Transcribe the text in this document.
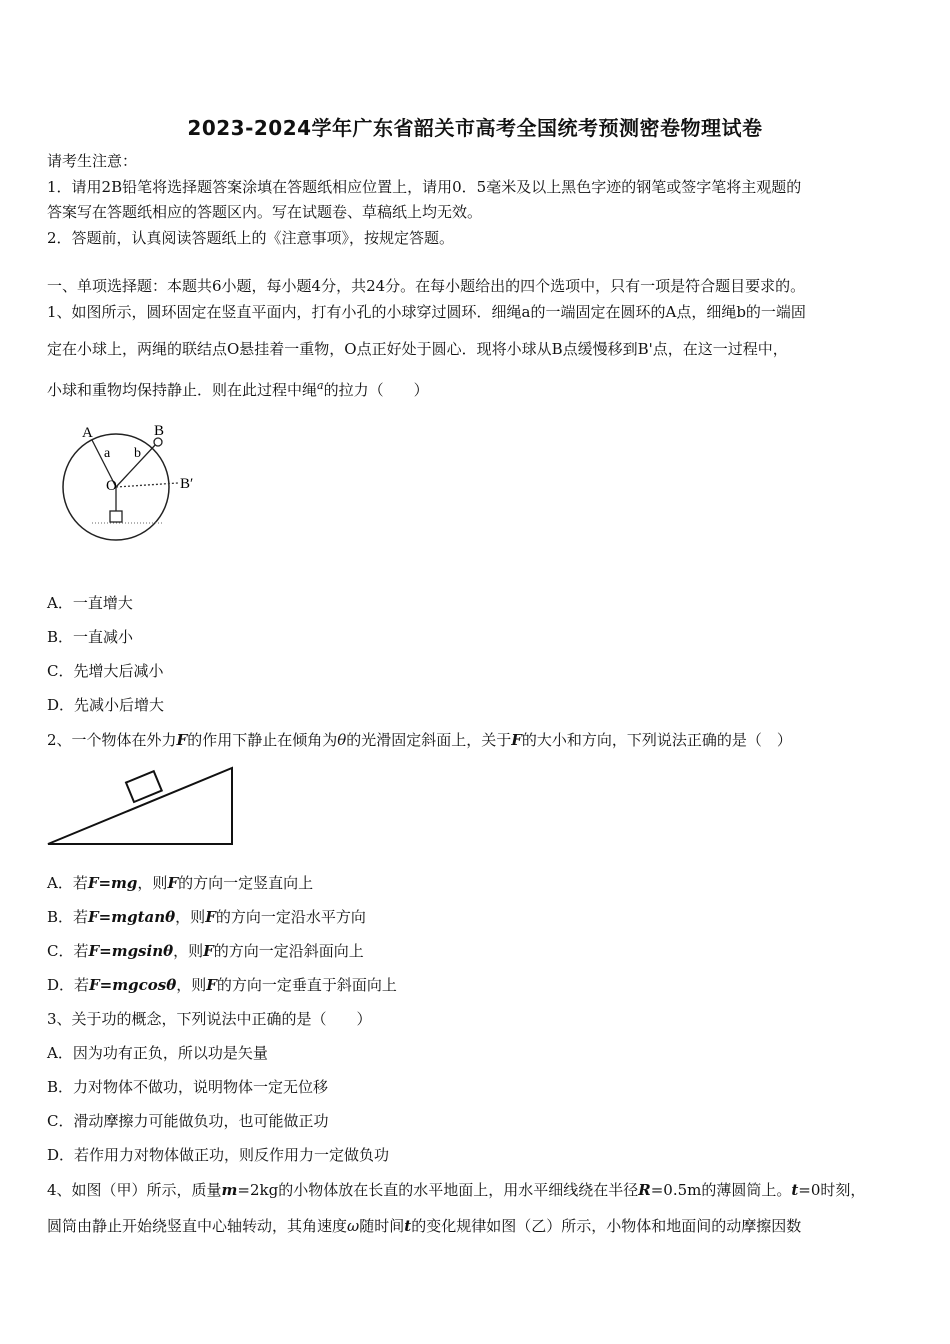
2023-2024学年广东省韶关市高考全国统考预测密卷物理试卷
请考生注意：
1．请用2B铅笔将选择题答案涂填在答题纸相应位置上，请用0．5毫米及以上黑色字迹的钢笔或签字笔将主观题的
答案写在答题纸相应的答题区内。写在试题卷、草稿纸上均无效。
2．答题前，认真阅读答题纸上的《注意事项》，按规定答题。
一、单项选择题：本题共6小题，每小题4分，共24分。在每小题给出的四个选项中，只有一项是符合题目要求的。
1、如图所示，圆环固定在竖直平面内，打有小孔的小球穿过圆环．细绳a的一端固定在圆环的A点，细绳b的一端固
定在小球上，两绳的联结点O悬挂着一重物，O点正好处于圆心．现将小球从B点缓慢移到B'点，在这一过程中，
小球和重物均保持静止．则在此过程中绳$^a$的拉力（　　）
A	B
a b
O	B′
A．一直增大
B．一直减小
C．先增大后减小
D．先减小后增大
2、一个物体在外力F的作用下静止在倾角为θ的光滑固定斜面上，关于F的大小和方向，下列说法正确的是（　）
A．若F=mg，则F的方向一定竖直向上
B．若F=mgtanθ，则F的方向一定沿水平方向
C．若F=mgsinθ，则F的方向一定沿斜面向上
D．若F=mgcosθ，则F的方向一定垂直于斜面向上
3、关于功的概念，下列说法中正确的是（　　）
A．因为功有正负，所以功是矢量
B．力对物体不做功，说明物体一定无位移
C．滑动摩擦力可能做负功，也可能做正功
D．若作用力对物体做正功，则反作用力一定做负功
4、如图（甲）所示，质量m=2kg的小物体放在长直的水平地面上，用水平细线绕在半径R=0.5m的薄圆筒上。t=0时刻，
圆筒由静止开始绕竖直中心轴转动，其角速度ω随时间t的变化规律如图（乙）所示，小物体和地面间的动摩擦因数
